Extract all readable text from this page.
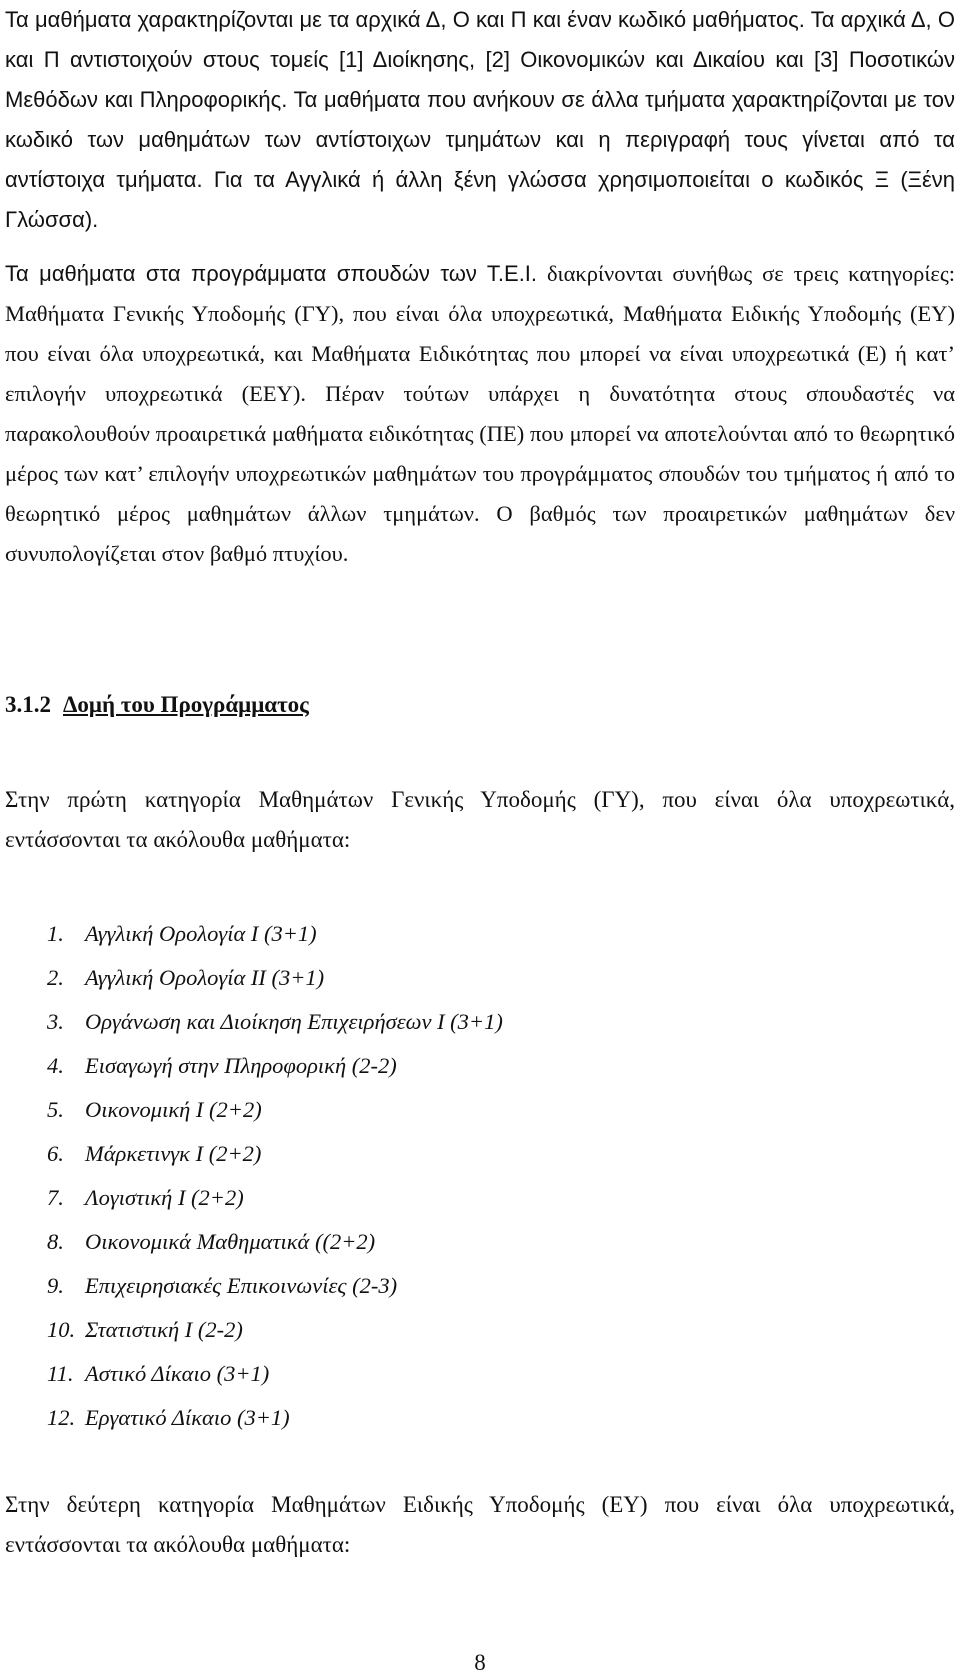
Τα μαθήματα χαρακτηρίζονται με τα αρχικά Δ, Ο και Π και έναν κωδικό μαθήματος. Τα αρχικά Δ, Ο και Π αντιστοιχούν στους τομείς [1] Διοίκησης, [2] Οικονομικών και Δικαίου και [3] Ποσοτικών Μεθόδων και Πληροφορικής. Τα μαθήματα που ανήκουν σε άλλα τμήματα χαρακτηρίζονται με τον κωδικό των μαθημάτων των αντίστοιχων τμημάτων και η περιγραφή τους γίνεται από τα αντίστοιχα τμήματα. Για τα Αγγλικά ή άλλη ξένη γλώσσα χρησιμοποιείται ο κωδικός Ξ (Ξένη Γλώσσα).

Τα μαθήματα στα προγράμματα σπουδών των Τ.Ε.Ι. διακρίνονται συνήθως σε τρεις κατηγορίες: Μαθήματα Γενικής Υποδομής (ΓΥ), που είναι όλα υποχρεωτικά, Μαθήματα Ειδικής Υποδομής (ΕΥ) που είναι όλα υποχρεωτικά, και Μαθήματα Ειδικότητας που μπορεί να είναι υποχρεωτικά (Ε) ή κατ’ επιλογήν υποχρεωτικά (ΕΕΥ). Πέραν τούτων υπάρχει η δυνατότητα στους σπουδαστές να παρακολουθούν προαιρετικά μαθήματα ειδικότητας (ΠΕ) που μπορεί να αποτελούνται από το θεωρητικό μέρος των κατ’ επιλογήν υποχρεωτικών μαθημάτων του προγράμματος σπουδών του τμήματος ή από το θεωρητικό μέρος μαθημάτων άλλων τμημάτων. Ο βαθμός των προαιρετικών μαθημάτων δεν συνυπολογίζεται στον βαθμό πτυχίου.

3.1.2 Δομή του Προγράμματος

Στην πρώτη κατηγορία Μαθημάτων Γενικής Υποδομής (ΓΥ), που είναι όλα υποχρεωτικά, εντάσσονται τα ακόλουθα μαθήματα:

1. Αγγλική Ορολογία Ι (3+1)
2. Αγγλική Ορολογία ΙΙ (3+1)
3. Οργάνωση και Διοίκηση Επιχειρήσεων Ι (3+1)
4. Εισαγωγή στην Πληροφορική (2-2)
5. Οικονομική Ι (2+2)
6. Μάρκετινγκ Ι (2+2)
7. Λογιστική Ι (2+2)
8. Οικονομικά Μαθηματικά ((2+2)
9. Επιχειρησιακές Επικοινωνίες (2-3)
10. Στατιστική Ι (2-2)
11. Αστικό Δίκαιο (3+1)
12. Εργατικό Δίκαιο (3+1)

Στην δεύτερη κατηγορία Μαθημάτων Ειδικής Υποδομής (ΕΥ) που είναι όλα υποχρεωτικά, εντάσσονται τα ακόλουθα μαθήματα:

8
